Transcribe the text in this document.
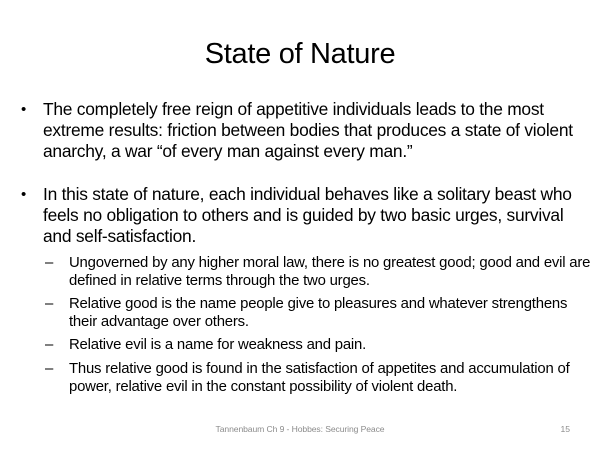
State of Nature
• The completely free reign of appetitive individuals leads to the most extreme results: friction between bodies that produces a state of violent anarchy, a war “of every man against every man.”
• In this state of nature, each individual behaves like a solitary beast who feels no obligation to others and is guided by two basic urges, survival and self-satisfaction.
– Ungoverned by any higher moral law, there is no greatest good; good and evil are defined in relative terms through the two urges.
– Relative good is the name people give to pleasures and whatever strengthens their advantage over others.
– Relative evil is a name for weakness and pain.
– Thus relative good is found in the satisfaction of appetites and accumulation of power, relative evil in the constant possibility of violent death.
Tannenbaum Ch 9 - Hobbes: Securing Peace	15
